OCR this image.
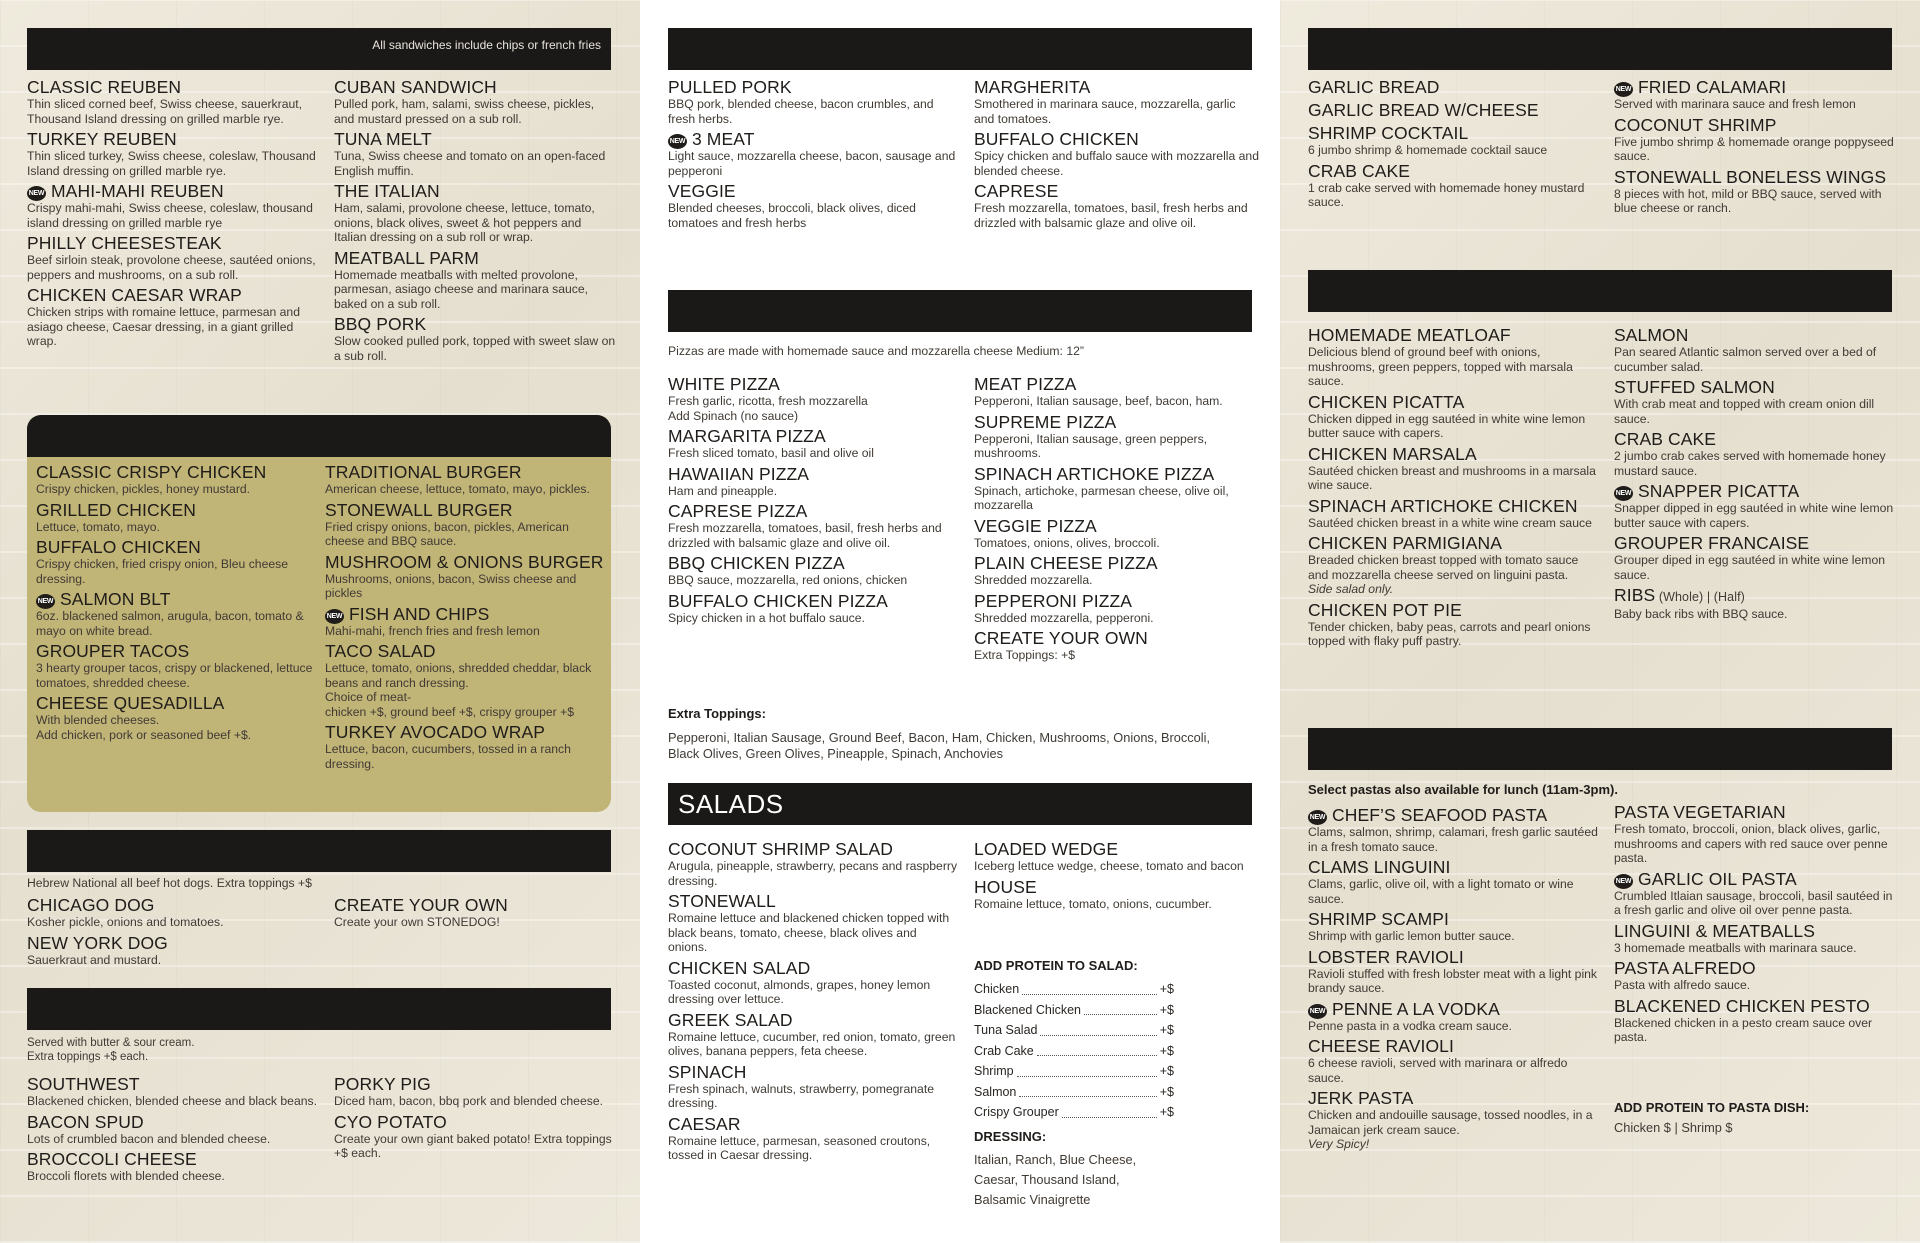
All sandwiches include chips or french fries
CLASSIC REUBEN
Thin sliced corned beef, Swiss cheese, sauerkraut, Thousand Island dressing on grilled marble rye.
TURKEY REUBEN
Thin sliced turkey, Swiss cheese, coleslaw, Thousand Island dressing on grilled marble rye.
NEW MAHI-MAHI REUBEN
Crispy mahi-mahi, Swiss cheese, coleslaw, thousand island dressing on grilled marble rye
PHILLY CHEESESTEAK
Beef sirloin steak, provolone cheese, sautéed onions, peppers and mushrooms, on a sub roll.
CHICKEN CAESAR WRAP
Chicken strips with romaine lettuce, parmesan and asiago cheese, Caesar dressing, in a giant grilled wrap.
CUBAN SANDWICH
Pulled pork, ham, salami, swiss cheese, pickles, and mustard pressed on a sub roll.
TUNA MELT
Tuna, Swiss cheese and tomato on an open-faced English muffin.
THE ITALIAN
Ham, salami, provolone cheese, lettuce, tomato, onions, black olives, sweet & hot peppers and Italian dressing on a sub roll or wrap.
MEATBALL PARM
Homemade meatballs with melted provolone, parmesan, asiago cheese and marinara sauce, baked on a sub roll.
BBQ PORK
Slow cooked pulled pork, topped with sweet slaw on a sub roll.
CLASSIC CRISPY CHICKEN
Crispy chicken, pickles, honey mustard.
GRILLED CHICKEN
Lettuce, tomato, mayo.
BUFFALO CHICKEN
Crispy chicken, fried crispy onion, Bleu cheese dressing.
NEW SALMON BLT
6oz. blackened salmon, arugula, bacon, tomato & mayo on white bread.
GROUPER TACOS
3 hearty grouper tacos, crispy or blackened, lettuce tomatoes, shredded cheese.
CHEESE QUESADILLA
With blended cheeses.
Add chicken, pork or seasoned beef +$.
TRADITIONAL BURGER
American cheese, lettuce, tomato, mayo, pickles.
STONEWALL BURGER
Fried crispy onions, bacon, pickles, American cheese and BBQ sauce.
MUSHROOM & ONIONS BURGER
Mushrooms, onions, bacon, Swiss cheese and pickles
NEW FISH AND CHIPS
Mahi-mahi, french fries and fresh lemon
TACO SALAD
Lettuce, tomato, onions, shredded cheddar, black beans and ranch dressing.
Choice of meat-
chicken +$, ground beef +$, crispy grouper +$
TURKEY AVOCADO WRAP
Lettuce, bacon, cucumbers, tossed in a ranch dressing.
Hebrew National all beef hot dogs. Extra toppings +$
CHICAGO DOG
Kosher pickle, onions and tomatoes.
NEW YORK DOG
Sauerkraut and mustard.
CREATE YOUR OWN
Create your own STONEDOG!
Served with butter & sour cream.
Extra toppings +$ each.
SOUTHWEST
Blackened chicken, blended cheese and black beans.
BACON SPUD
Lots of crumbled bacon and blended cheese.
BROCCOLI CHEESE
Broccoli florets with blended cheese.
PORKY PIG
Diced ham, bacon, bbq pork and blended cheese.
CYO POTATO
Create your own giant baked potato! Extra toppings +$ each.
PULLED PORK
BBQ pork, blended cheese, bacon crumbles, and fresh herbs.
NEW 3 MEAT
Light sauce, mozzarella cheese, bacon, sausage and pepperoni
VEGGIE
Blended cheeses, broccoli, black olives, diced tomatoes and fresh herbs
MARGHERITA
Smothered in marinara sauce, mozzarella, garlic and tomatoes.
BUFFALO CHICKEN
Spicy chicken and buffalo sauce with mozzarella and blended cheese.
CAPRESE
Fresh mozzarella, tomatoes, basil, fresh herbs and drizzled with balsamic glaze and olive oil.
Pizzas are made with homemade sauce and mozzarella cheese Medium: 12”
WHITE PIZZA
Fresh garlic, ricotta, fresh mozzarella
Add Spinach (no sauce)
MARGARITA PIZZA
Fresh sliced tomato, basil and olive oil
HAWAIIAN PIZZA
Ham and pineapple.
CAPRESE PIZZA
Fresh mozzarella, tomatoes, basil, fresh herbs and drizzled with balsamic glaze and olive oil.
BBQ CHICKEN PIZZA
BBQ sauce, mozzarella, red onions, chicken
BUFFALO CHICKEN PIZZA
Spicy chicken in a hot buffalo sauce.
MEAT PIZZA
Pepperoni, Italian sausage, beef, bacon, ham.
SUPREME PIZZA
Pepperoni, Italian sausage, green peppers, mushrooms.
SPINACH ARTICHOKE PIZZA
Spinach, artichoke, parmesan cheese, olive oil, mozzarella
VEGGIE PIZZA
Tomatoes, onions, olives, broccoli.
PLAIN CHEESE PIZZA
Shredded mozzarella.
PEPPERONI PIZZA
Shredded mozzarella, pepperoni.
CREATE YOUR OWN
Extra Toppings: +$
Extra Toppings:
Pepperoni, Italian Sausage, Ground Beef, Bacon, Ham, Chicken, Mushrooms, Onions, Broccoli, Black Olives, Green Olives, Pineapple, Spinach, Anchovies
SALADS
COCONUT SHRIMP SALAD
Arugula, pineapple, strawberry, pecans and raspberry dressing.
STONEWALL
Romaine lettuce and blackened chicken topped with black beans, tomato, cheese, black olives and onions.
CHICKEN SALAD
Toasted coconut, almonds, grapes, honey lemon dressing over lettuce.
GREEK SALAD
Romaine lettuce, cucumber, red onion, tomato, green olives, banana peppers, feta cheese.
SPINACH
Fresh spinach, walnuts, strawberry, pomegranate dressing.
CAESAR
Romaine lettuce, parmesan, seasoned croutons, tossed in Caesar dressing.
LOADED WEDGE
Iceberg lettuce wedge, cheese, tomato and bacon
HOUSE
Romaine lettuce, tomato, onions, cucumber.
ADD PROTEIN TO SALAD:
Chicken	+$
Blackened Chicken	+$
Tuna Salad	+$
Crab Cake	+$
Shrimp	+$
Salmon	+$
Crispy Grouper	+$
DRESSING:
Italian, Ranch, Blue Cheese,
Caesar, Thousand Island,
Balsamic Vinaigrette
GARLIC BREAD
GARLIC BREAD W/CHEESE
SHRIMP COCKTAIL
6 jumbo shrimp & homemade cocktail sauce
CRAB CAKE
1 crab cake served with homemade honey mustard sauce.
NEW FRIED CALAMARI
Served with marinara sauce and fresh lemon
COCONUT SHRIMP
Five jumbo shrimp & homemade orange poppyseed sauce.
STONEWALL BONELESS WINGS
8 pieces with hot, mild or BBQ sauce, served with blue cheese or ranch.
HOMEMADE MEATLOAF
Delicious blend of ground beef with onions, mushrooms, green peppers, topped with marsala sauce.
CHICKEN PICATTA
Chicken dipped in egg sautéed in white wine lemon butter sauce with capers.
CHICKEN MARSALA
Sautéed chicken breast and mushrooms in a marsala wine sauce.
SPINACH ARTICHOKE CHICKEN
Sautéed chicken breast in a white wine cream sauce
CHICKEN PARMIGIANA
Breaded chicken breast topped with tomato sauce and mozzarella cheese served on linguini pasta.
Side salad only.
CHICKEN POT PIE
Tender chicken, baby peas, carrots and pearl onions topped with flaky puff pastry.
SALMON
Pan seared Atlantic salmon served over a bed of cucumber salad.
STUFFED SALMON
With crab meat and topped with cream onion dill sauce.
CRAB CAKE
2 jumbo crab cakes served with homemade honey mustard sauce.
NEW SNAPPER PICATTA
Snapper dipped in egg sautéed in white wine lemon butter sauce with capers.
GROUPER FRANCAISE
Grouper diped in egg sautéed in white wine lemon sauce.
RIBS (Whole) | (Half)
Baby back ribs with BBQ sauce.
Select pastas also available for lunch (11am-3pm).
NEW CHEF’S SEAFOOD PASTA
Clams, salmon, shrimp, calamari, fresh garlic sautéed in a fresh tomato sauce.
CLAMS LINGUINI
Clams, garlic, olive oil, with a light tomato or wine sauce.
SHRIMP SCAMPI
Shrimp with garlic lemon butter sauce.
LOBSTER RAVIOLI
Ravioli stuffed with fresh lobster meat with a light pink brandy sauce.
NEW PENNE A LA VODKA
Penne pasta in a vodka cream sauce.
CHEESE RAVIOLI
6 cheese ravioli, served with marinara or alfredo sauce.
JERK PASTA
Chicken and andouille sausage, tossed noodles, in a Jamaican jerk cream sauce.
Very Spicy!
PASTA VEGETARIAN
Fresh tomato, broccoli, onion, black olives, garlic, mushrooms and capers with red sauce over penne pasta.
NEW GARLIC OIL PASTA
Crumbled Itlaian sausage, broccoli, basil sautéed in a fresh garlic and olive oil over penne pasta.
LINGUINI & MEATBALLS
3 homemade meatballs with marinara sauce.
PASTA ALFREDO
Pasta with alfredo sauce.
BLACKENED CHICKEN PESTO
Blackened chicken in a pesto cream sauce over pasta.
ADD PROTEIN TO PASTA DISH:
Chicken $ | Shrimp $
